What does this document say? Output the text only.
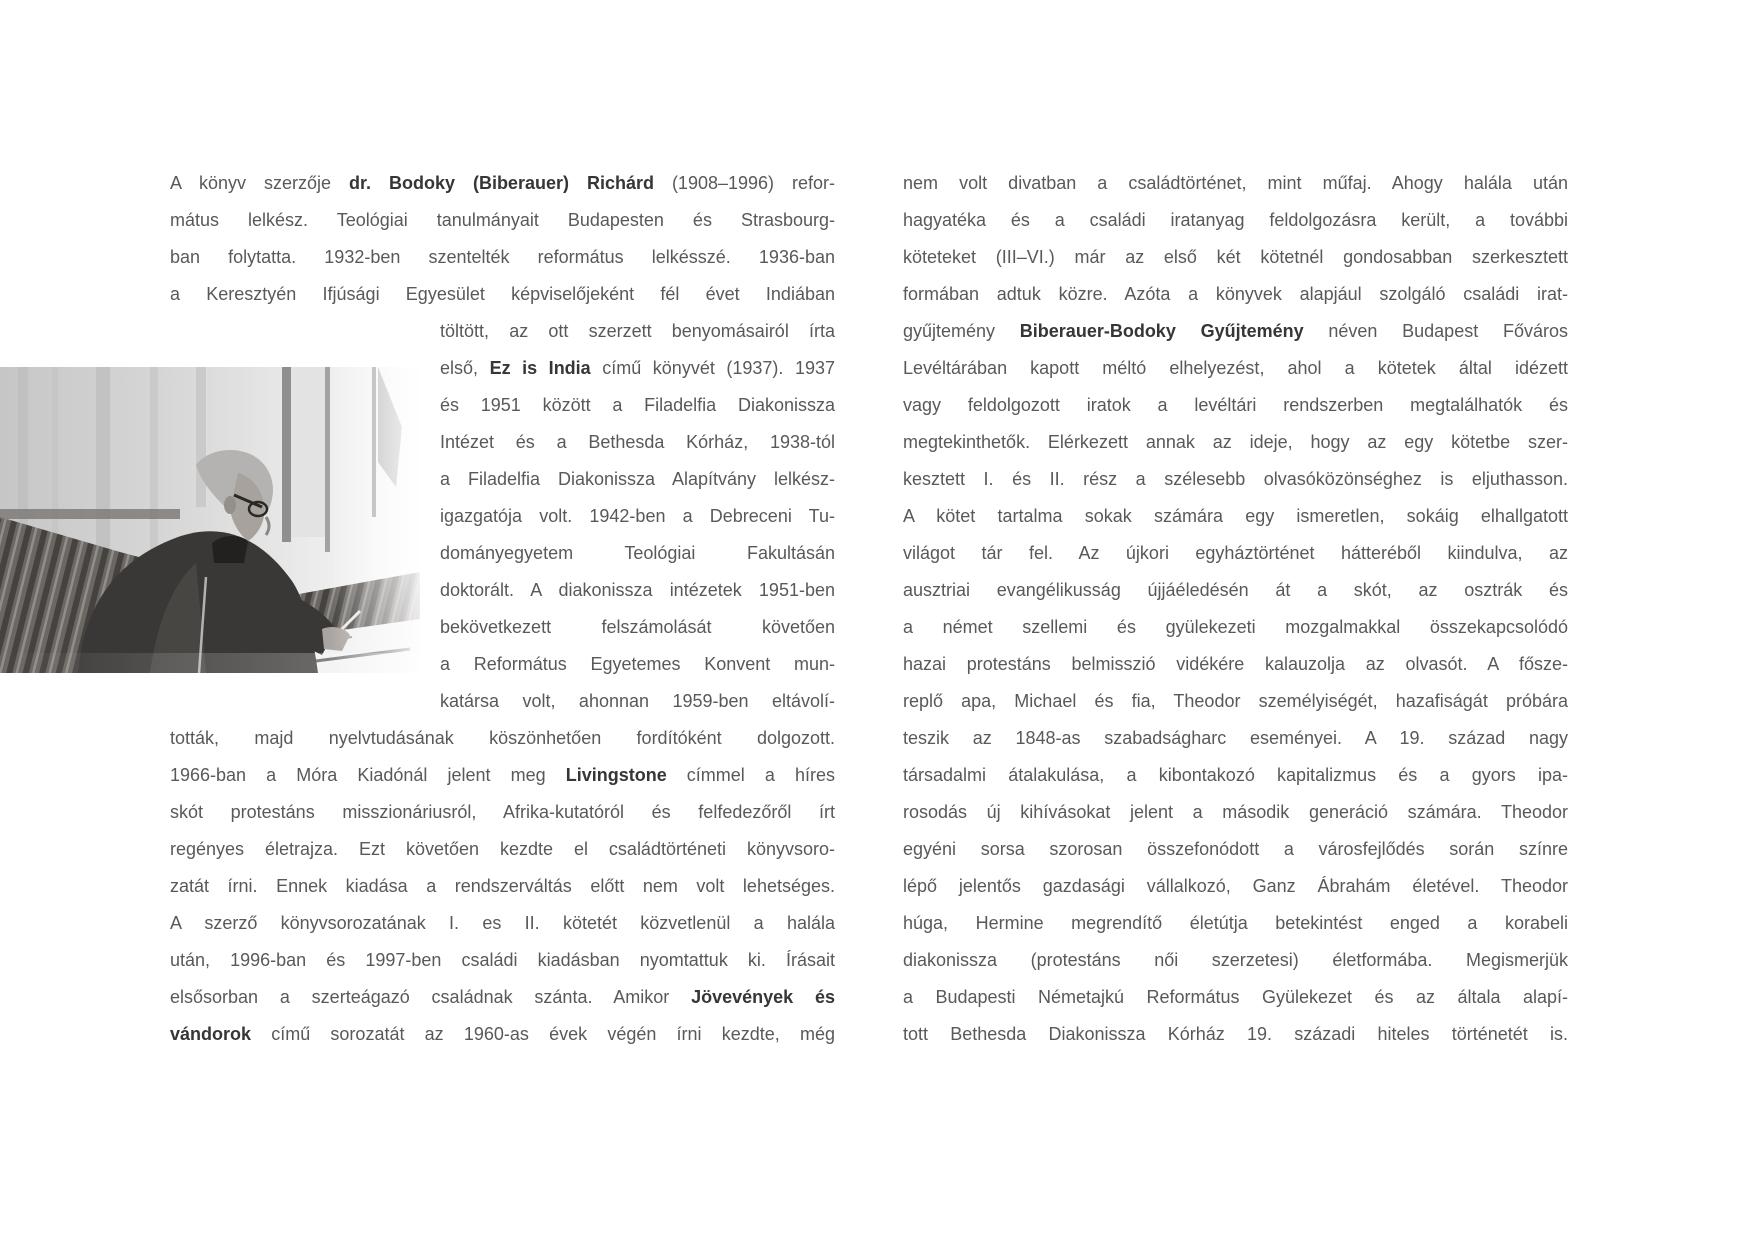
A könyv szerzője dr. Bodoky (Biberauer) Richárd (1908–1996) refor-
mátus lelkész. Teológiai tanulmányait Budapesten és Strasbourg-
ban folytatta. 1932-ben szentelték református lelkésszé. 1936-ban
a Keresztyén Ifjúsági Egyesület képviselőjeként fél évet Indiában
töltött, az ott szerzett benyomásairól írta
első, Ez is India című könyvét (1937). 1937
és 1951 között a Filadelfia Diakonissza
Intézet és a Bethesda Kórház, 1938-tól
a Filadelfia Diakonissza Alapítvány lelkész-
igazgatója volt. 1942-ben a Debreceni Tu-
dományegyetem Teológiai Fakultásán
doktorált. A diakonissza intézetek 1951-ben
bekövetkezett felszámolását követően
a Református Egyetemes Konvent mun-
katársa volt, ahonnan 1959-ben eltávolí-
tották, majd nyelvtudásának köszönhetően fordítóként dolgozott.
1966-ban a Móra Kiadónál jelent meg Livingstone címmel a híres
skót protestáns misszionáriusról, Afrika-kutatóról és felfedezőről írt
regényes életrajza. Ezt követően kezdte el családtörténeti könyvsoro-
zatát írni. Ennek kiadása a rendszerváltás előtt nem volt lehetséges.
A szerző könyvsorozatának I. es II. kötetét közvetlenül a halála
után, 1996-ban és 1997-ben családi kiadásban nyomtattuk ki. Írásait
elsősorban a szerteágazó családnak szánta. Amikor Jövevények és
vándorok című sorozatát az 1960-as évek végén írni kezdte, még
nem volt divatban a családtörténet, mint műfaj. Ahogy halála után
hagyatéka és a családi iratanyag feldolgozásra került, a további
köteteket (III–VI.) már az első két kötetnél gondosabban szerkesztett
formában adtuk közre. Azóta a könyvek alapjául szolgáló családi irat-
gyűjtemény Biberauer-Bodoky Gyűjtemény néven Budapest Főváros
Levéltárában kapott méltó elhelyezést, ahol a kötetek által idézett
vagy feldolgozott iratok a levéltári rendszerben megtalálhatók és
megtekinthetők. Elérkezett annak az ideje, hogy az egy kötetbe szer-
kesztett I. és II. rész a szélesebb olvasóközönséghez is eljuthasson.
A kötet tartalma sokak számára egy ismeretlen, sokáig elhallgatott
világot tár fel. Az újkori egyháztörténet hátteréből kiindulva, az
ausztriai evangélikusság újjáéledésén át a skót, az osztrák és
a német szellemi és gyülekezeti mozgalmakkal összekapcsolódó
hazai protestáns belmisszió vidékére kalauzolja az olvasót. A fősze-
replő apa, Michael és fia, Theodor személyiségét, hazafiságát próbára
teszik az 1848-as szabadságharc eseményei. A 19. század nagy
társadalmi átalakulása, a kibontakozó kapitalizmus és a gyors ipa-
rosodás új kihívásokat jelent a második generáció számára. Theodor
egyéni sorsa szorosan összefonódott a városfejlődés során színre
lépő jelentős gazdasági vállalkozó, Ganz Ábrahám életével. Theodor
húga, Hermine megrendítő életútja betekintést enged a korabeli
diakonissza (protestáns női szerzetesi) életformába. Megismerjük
a Budapesti Németajkú Református Gyülekezet és az általa alapí-
tott Bethesda Diakonissza Kórház 19. századi hiteles történetét is.
